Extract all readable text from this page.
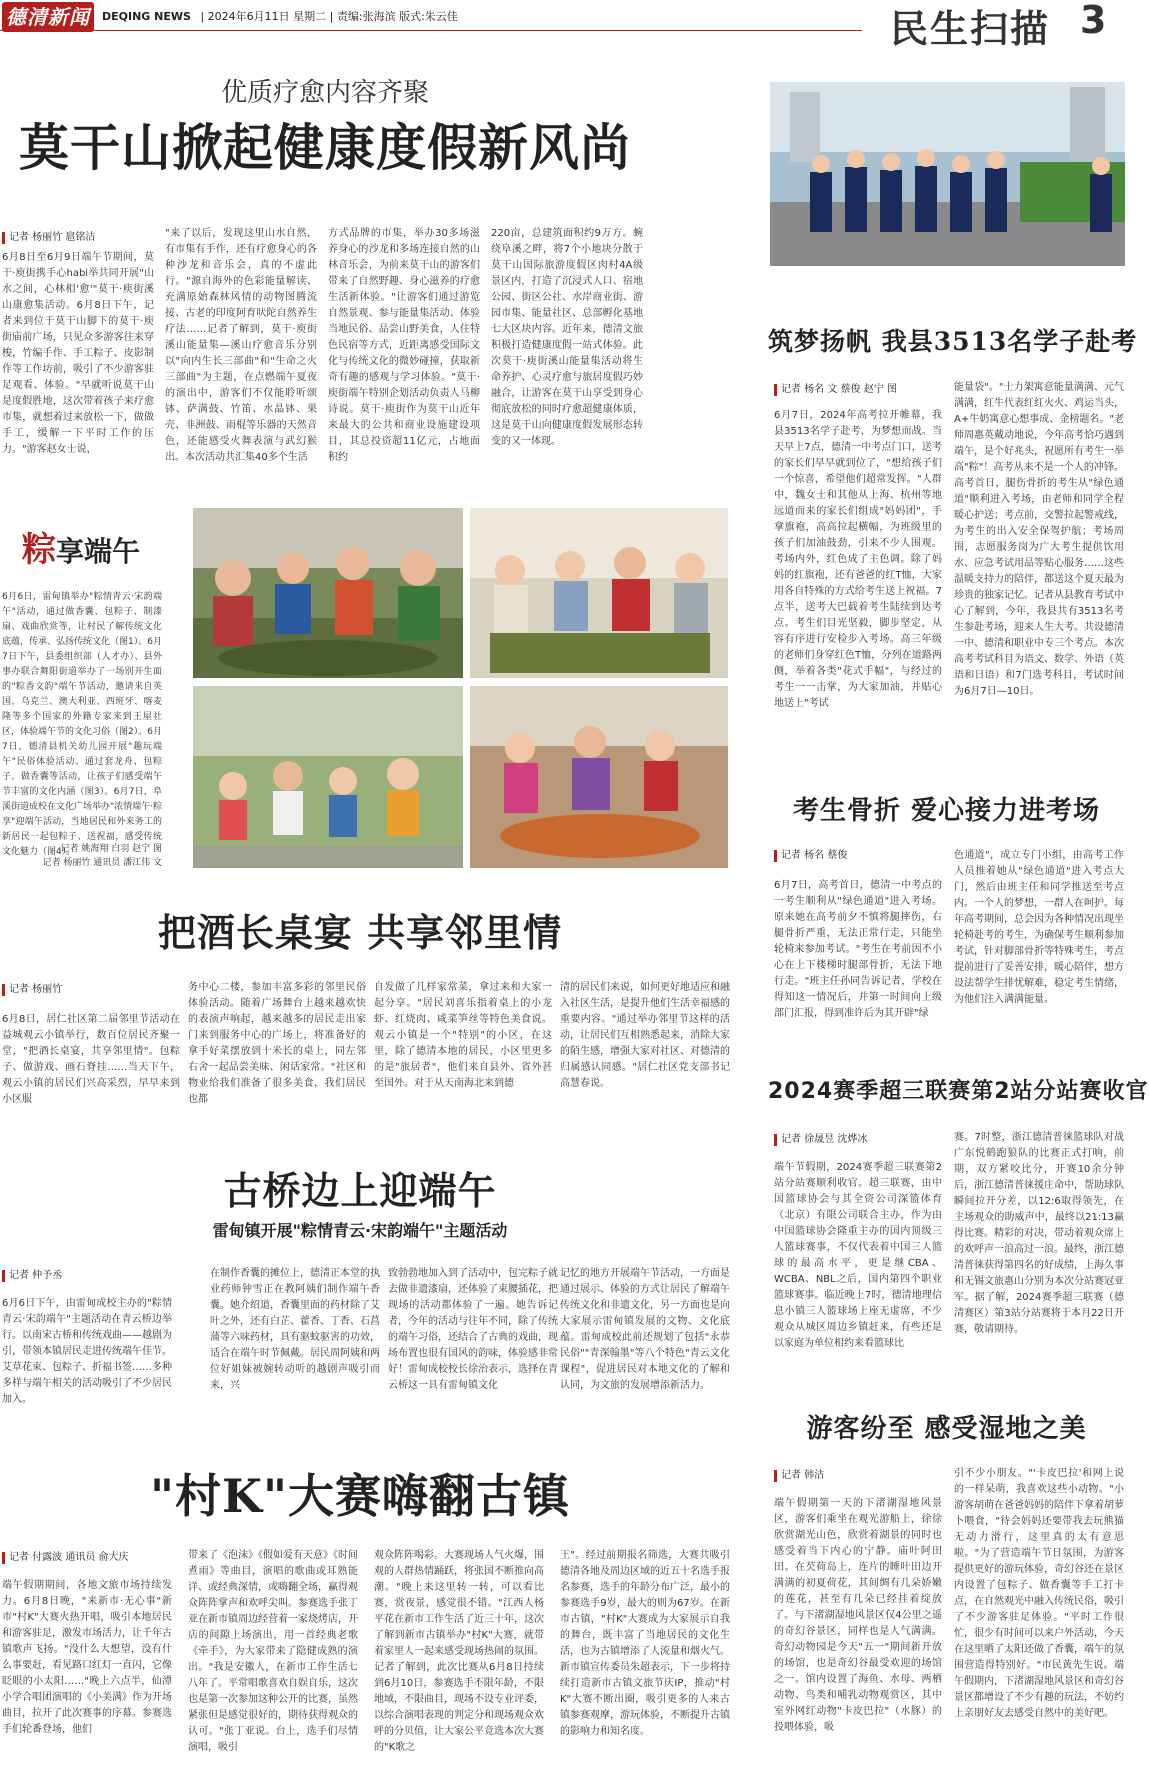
德清新闻	DEQING NEWS | 2024年6月11日 星期二 | 责编:张海滨 版式:朱云佳	民生扫描 3
优质疗愈内容齐聚
莫干山掀起健康度假新风尚
记者 杨丽竹 扈铭洁
6月8日至6月9日端午节期间，莫干·庾街携手心habi举共同开展"山水之间，心林相'愈'"莫干·庾街溪山康愈集活动。6月8日下午，记者来到位于莫干山脚下的莫干·庾街庙前广场，只见众多游客往来穿梭，竹编手作、手工粽子、皮影制作等工作坊前，吸引了不少游客驻足观看、体验。"早就听说莫干山是度假胜地，这次带着孩子来疗愈市集，就想着过来放松一下，做做手工，缓解一下平时工作的压力。"游客赵女士说，
"来了以后，发现这里山水自然，有市集有手作，还有疗愈身心的各种沙龙和音乐会，真的不虚此行。"源自海外的色彩能量解读、充满原始森林风情的动物图腾流接、古老的印度阿育吠陀自然养生疗法……记者了解到，莫干·庾街溪山能量集—溪山疗愈音乐分别以"向内生长三部曲"和"生命之火三部曲"为主题，在点燃端午夏夜的演出中，游客们不仅能聆听颂钵、萨满鼓、竹笛、水晶钵、果壳、非洲鼓、雨棍等乐器的天然音色，还能感受火舞表演与武幻猴出。本次活动共汇集40多个生活
方式品牌的市集，举办30多场滋养身心的沙龙和多场连接自然的山林音乐会，为前来莫干山的游客们带来了自然野趣、身心滋养的疗愈生活新体验。"让游客们通过游览自然景观、参与能量集活动、体验当地民俗、品尝山野美食，人住特色民宿等方式，近距离感受国际文化与传统文化的微妙碰撞，获取新奇有趣的感观与学习体验。"莫干·庾街端午特别企划活动负责人马柳诗说。莫干·庾街作为莫干山近年来最大的公共和商业设施建设项目，其总投资超11亿元，占地面积约
220亩，总建筑面积约9万方。蜿绕阜溪之畔，将7个小地块分散于莫干山国际旅游度假区肉村4A级景区内，打造了沉浸式人口、宿地公园、街区公社、水岸商业街、游园市集、能量社区、总部孵化基地七大区块内容。近年来，德清文旅积极打造健康度假一站式体验。此次莫干·庾街溪山能量集活动将生命养护、心灵疗愈与旅居度假巧妙融合，让游客在莫干山享受到身心彻底放松的同时疗愈超健康体质，这是莫干山向健康度假发展形态转变的又一体现。
粽享端午
6月6日，雷甸镇举办"粽情青云·宋韵端午"活动，通过做香囊、包粽子、制漆扇、戏曲欣赏等，让村民了解传统文化底蕴，传承、弘扬传统文化（图1）。6月7日下午，县委组织部（人才办）、县外事办联合舞阳街道举办了一场别开生面的"粽香文韵"端午节活动，邀请来自英国、乌克兰、澳大利亚、西班牙、喀麦隆等多个国家的外籍专家来到王屋社区，体验端午节的文化习俗（图2）。6月7日，德清县机关幼儿园开展"趣玩端午"民俗体验活动。通过套龙舟、包粽子、做香囊等活动，让孩子们感受端午节丰富的文化内涵（图3）。6月7日，阜溪街道成校在文化广场举办"浓情端午·粽享"迎端午活动，当地居民和外来务工的新居民一起包粽子、送祝福，感受传统文化魅力（图4）。
记者 姚海翔 白羽 赵宁 图
记者 杨丽竹 通讯员 潘江伟 文
把酒长桌宴 共享邻里情
记者 杨丽竹
6月8日，居仁社区第二届邻里节活动在益城观云小镇举行，数百位居民齐聚一堂，"把酒长桌宴，共享邻里情"。包粽子、做游戏、画石脊挂……当天下午，观云小镇的居民们兴高采烈，早早来到小区服
务中心二楼，参加丰富多彩的邻里民俗体验活动。随着广场舞台上越来越欢快的表演声响起，越来越多的居民走出家门来到服务中心的广场上，将准备好的拿手好菜摆放到十米长的桌上，同左邻右舍一起品尝美味、闲话家常。"社区和物业给我们准备了很多美食，我们居民也都
自发做了几样家常菜，拿过来和大家一起分享。"居民刘喜乐指着桌上的小龙虾、红烧肉、咸菜笋丝等特色美食说。观云小镇是一个"特别"的小区，在这里，除了德清本地的居民，小区里更多的是"旅居者"，他们来自县外、省外甚至国外。对于从天南海北来到德
清的居民们来说，如何更好地适应和融入社区生活，是提升他们生活幸福感的重要内容。"通过举办邻里节这样的活动，让居民们互相熟悉起来，消除大家的陌生感，增强大家对社区、对德清的归属感认同感。"居仁社区党支部书记高慧春说。
古桥边上迎端午
雷甸镇开展"粽情青云·宋韵端午"主题活动
记者 仲予丞
6月6日下午，由雷甸成校主办的"粽情青云·宋韵端午"主题活动在青云桥边举行。以南宋古桥和传统戏曲——越剧为引，带领本镇居民走进传统端午佳节。艾草花束、包粽子、折福书签……多种多样与端午相关的活动吸引了不少居民加入。
在制作香囊的摊位上，德清正本堂的执业药师钟雪正在教阿姨们制作端午香囊。她介绍道，香囊里面的药材除了艾叶之外，还有白芷、藿香、丁香、石菖蒲等六味药材，具有驱蚊驱害的功效，适合在端午时节佩戴。居民周阿姨和两位好姐妹被婉转动听的越剧声吸引而来，兴
致勃勃地加入到了活动中，包完粽子就去做非遗漆扇，还体验了束腰插花，把现场的活动都体验了一遍。她告诉记者，今年的活动与往年不同，除了传统的端午习俗，还结合了古典的戏曲，现场布置也很有国风的韵味，体验感非常好！雷甸成校校长徐治表示，选择在青云桥这一具有雷甸镇文化
记忆的地方开展端午节活动，一方面是通过展示、体验的方式让居民了解端午传统文化和非遗文化，另一方面也是向大家展示雷甸镇发展的文物、文化底蕴。雷甸成校此前还规划了包括"永恭民俗""青深翰墨"等八个特色"青云文化课程"，促进居民对本地文化的了解和认同，为文旅的发展增添新活力。
"村K"大赛嗨翻古镇
记者 付露波 通讯员 俞大庆
端午假期期间，各地文旅市场持续发力。6月8日晚，"来新市·无心事"新市"村K"大赛火热开唱，吸引本地居民和游客驻足，激发市场活力，让千年古镇歌声飞扬。"没什么大想望，没有什么事要赶，看见路口红灯一直闪，它像眨眼的小太阳……"晚上六点半，仙潭小学合唱团演唱的《小美满》作为开场曲目，拉开了此次赛事的序幕。参赛选手们轮番登场，他们
带来了《泡沫》《假如爱有天意》《时间煮雨》等曲目，演唱的歌曲或耳熟能详、或经典深情，或嗨翻全场，赢得观众阵阵掌声和欢呼尖叫。参赛选手张丁亚在新市镇周边经营着一家烧烤店，开店的间隙上场演出，用一首经典老歌《牵手》，为大家带来了隐健成熟的演出。"我是安徽人，在新市工作生活七八年了。平常唱歌喜欢自娱自乐，这次也是第一次参加这种公开的比赛，虽然紧张但是感觉很好的，期待获得观众的认可。"张丁亚说。台上，选手们尽情演唱，吸引
观众阵阵喝彩。大赛现场人气火爆，围观的人群热情踊跃，将张国不断推向高潮。"晚上来这里转一转，可以看比赛，赏夜景，感觉很不错。"江西人杨平花在新市工作生活了近三十年，这次了解到新市古镇举办"村K"大赛，就带着家里人一起来感受现场热闹的氛围。记者了解到，此次比赛从6月8日持续到6月10日，参赛选手不限年龄，不限地域，不限曲目，现场不设专业评委，以综合演唱表现的判定分和现场观众欢呼的分贝值，让大家公平竞选本次大赛的"K歌之
王"。经过前期报名筛选，大赛共吸引德清各地及周边区域的近五十名选手报名参赛，选手的年龄分布广泛，最小的参赛选手9岁，最大的则为67岁。在新市古镇，"村K"大赛成为大家展示自我的舞台，既丰富了当地居民的文化生活，也为古镇增添了人流量和烟火气。新市镇宣传委员朱超表示，下一步将持续打造新市古镇文旅节庆IP，推动"村K"大赛不断出圈，吸引更多的人来古镇参赛观摩，游玩体验，不断提升古镇的影响力和知名度。
筑梦扬帆 我县3513名学子赴考
记者 杨名 文 蔡俊 赵宁 图
6月7日，2024年高考拉开帷幕，我县3513名学子赴考，为梦想而战。当天早上7点，德清一中考点门口，送考的家长们早早就到位了，"想给孩子们一个惊喜，希望他们超常发挥。"人群中，魏女士和其他从上海、杭州等地远道而来的家长们组成"妈妈团"，手拿旗袍，高高拉起横幅，为班级里的孩子们加油鼓劲，引来不少人围观。考场内外，红色成了主色调。除了妈妈的红旗袍，还有爸爸的红T恤，大家用各自特殊的方式给考生送上祝福。7点半，送考大巴载着考生陆续到达考点。考生们目光坚毅，脚步坚定，从容有序进行安检步入考场。高三年级的老师们身穿红色T恤，分列在道路两侧，举着各类"花式手幅"，与经过的考生一一击掌，为大家加油，并贴心地送上"考试
能量袋"。"士力架寓意能量满满、元气满满，红牛代表红红火火、鸡运当头，A+牛奶寓意心想事成、金榜题名。"老师周惠英戴动地说，今年高考恰巧遇到端午，是个好兆头，祝愿所有考生一举高"粽"！高考从来不是一个人的冲锋。高考首日，腿伤骨折的考生从"绿色通道"顺利进入考场，由老师和同学全程暖心护送；考点前，交警拉起警戒线，为考生的出入安全保驾护航；考场周围，志愿服务岗为广大考生提供饮用水、应急考试用品等贴心服务……这些温暖支持力的陪伴，都送这个夏天最为珍贵的独家记忆。记者从县教育考试中心了解到，今年，我县共有3513名考生参赴考场，迎来人生大考。共设德清一中、德清和职业中专三个考点。本次高考考试科目为语文、数学、外语（英语和日语）和7门选考科目，考试时间为6月7日—10日。
考生骨折 爱心接力进考场
记者 杨名 蔡俊
6月7日，高考首日，德清一中考点的一考生顺利从"绿色通道"进入考场。原来她在高考前夕不慎将腿摔伤，右腿骨折严重，无法正常行走，只能坐轮椅来参加考试。"考生在考前因不小心在上下楼梯时腿部骨折，无法下地行走。"班主任孙同告诉记者，学校在得知这一情况后，并第一时间向上级部门汇报，得到准许后为其开辟"绿
色通道"，成立专门小组，由高考工作人员推着她从"绿色通道"进入考点大门，然后由班主任和同学推送至考点内。一个人的梦想，一群人在呵护。每年高考期间，总会因为各种情况出现坐轮椅赴考的考生，为确保考生顺利参加考试，针对脚部骨折等特殊考生，考点提前进行了妥善安排，暖心陪伴，想方设法帮学生排忧解难，稳定考生情绪，为他们注入满满能量。
2024赛季超三联赛第2站分站赛收官
记者 徐晟昱 沈烨冰
端午节假期，2024赛季超三联赛第2站分站赛顺利收官。超三联赛，由中国篮球协会与其全资公司深篮体育（北京）有限公司联合主办，作为由中国篮球协会隆重主办的国内顶级三人篮球赛事，不仅代表着中国三人篮球的最高水平，更是继CBA、WCBA、NBL之后，国内第四个职业篮球赛事。临近晚上7时，德清地理信息小镇三人篮球场上座无虚席，不少观众从城区周边乡镇赶来，有些还是以家庭为单位相约来看篮球比
赛。7时整，浙江德清普徕篮球队对战广东悦鹤跑狼队的比赛正式打响，前期，双方紧咬比分，开赛10余分钟后，浙江德清普徕援庄命中，帮助球队瞬间拉开分差，以12:6取得领先，在主场观众的助威声中，最终以21:13赢得比赛。精彩的对决，带动着观众席上的欢呼声一浪高过一浪。最终，浙江德清普徕获得第四名的好成绩，上海久事和无锡文旅惠山分别为本次分站赛冠亚军。据了解，2024赛季超三联赛（德清赛区）第3站分站赛将于本月22日开赛，敬请期待。
游客纷至 感受湿地之美
记者 韩洁
端午假期第一天的下渚湖湿地风景区，游客们乘坐在观光游船上，徐徐欣赏湖光山色，欣赏着湖景的同时也感受着当下内心的宁静。庙叶阿田田。在芡荷岛上，连片的睡叶田边开满满的初夏荷花，其间绸有几朵娇嫩的莲花，甚至有几朵已经挂着绽放了。与下渚湖湿地风景区仅4公里之遥的奇幻谷景区，同样也是人气满满。奇幻动物园是今天"五一"期间新开放的场馆，也是奇幻谷最受欢迎的场馆之一。馆内设置了海鱼、水母、两栖动物、鸟类和哺乳动物观赏区，其中室外网红动物"卡皮巴拉"（水豚）的投喂体验，吸
引不少小朋友。"'卡皮巴拉'和网上说的一样呆萌，我喜欢这些小动物。"小游客胡萌在爸爸妈妈的陪伴下拿着胡萝卜喂食，"待会妈妈还要带我去玩熊猫无动力滑行，这里真的太有意思啦。"为了营造端午节日氛围，为游客提供更好的游玩体验，奇幻谷还在景区内设置了包粽子、做香囊等手工打卡点，在自然观光中融入传统民俗，吸引了不少游客驻足体验。"平时工作很忙，很少有时间可以来户外活动，今天在这里晒了太阳还做了香囊，端午的氛围营造得特别好。"市民黄先生说。端午假期内，下渚湖湿地风景区和奇幻谷景区都增设了不少有趣的玩法，不妨约上亲朋好友去感受自然中的美好吧。
